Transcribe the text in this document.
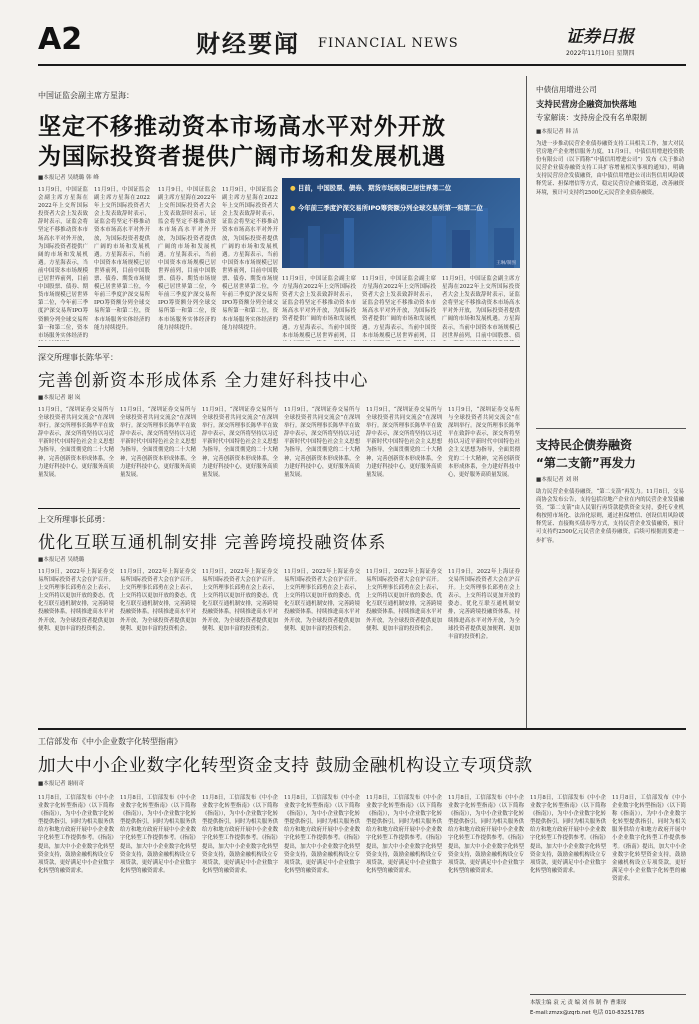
A2	财经要闻 FINANCIAL NEWS	证券日报
2022年11月10日 星期四
中国证监会副主席方星海：
坚定不移推动资本市场高水平对外开放
为国际投资者提供广阔市场和发展机遇
■本报记者 吴晓璐 韩 峰
● 目前，中国股票、债券、期货市场规模已居世界第二位
● 今年前三季度沪深交易所IPO筹资额分列全球交易所第一和第二位
王琳/制图
11月9日，中国证监会副主席方星海在2022年上交所国际投资者大会上发表致辞时表示，证监会将坚定不移推动资本市场高水平对外开放，为国际投资者提供广阔的市场和发展机遇。方星海表示，当前中国资本市场规模已居世界前列，目前中国股票、债券、期货市场规模已居世界第二位，今年前三季度沪深交易所IPO筹资额分列全球交易所第一和第二位，资本市场服务实体经济的
11月9日，中国证监会副主席方星海在2022年上交所国际投资者大会上发表致辞时表示，证监会将坚定不移推动资本市场高水平对外开放，为国际投资者提供广阔的市场和发展机遇。方星海表示，当前中国资本市场规模已居世界前列，目前中国股票、债券、期货市场规模已居世界第二位，今年前三季度沪深交易所IPO筹资额分列全球交易所第一和第二位，资本市场服务实体经济的能力持续提升。
11月9日，中国证监会副主席方星海在2022年上交所国际投资者大会上发表致辞时表示，证监会将坚定不移推动资本市场高水平对外开放，为国际投资者提供广阔的市场和发展机遇。方星海表示，当前中国资本市场规模已居世界前列，目前中国股票、债券、期货市场规模已居世界第二位，今年前三季度沪深交易所IPO筹资额分列全球交易所第一和第二位，资本市场服务实体经济的能力持续提升。
11月9日，中国证监会副主席方星海在2022年上交所国际投资者大会上发表致辞时表示，证监会将坚定不移推动资本市场高水平对外开放，为国际投资者提供广阔的市场和发展机遇。方星海表示，当前中国资本市场规模已居世界前列，目前中国股票、债券、期货市场规模已居世界第二位，今年前三季度沪深交易所IPO筹资额分列全球交易所第一和第二位，资本市场服务实体经济的能力持续提升。
11月9日，中国证监会副主席方星海在2022年上交所国际投资者大会上发表致辞时表示，证监会将坚定不移推动资本市场高水平对外开放，为国际投资者提供广阔的市场和发展机遇。方星海表示，当前中国资本市场规模已居世界前列，目
11月9日，中国证监会副主席方星海在2022年上交所国际投资者大会上发表致辞时表示，证监会将坚定不移推动资本市场高水平对外开放，为国际投资者提供广阔的市场和发展机遇。方星海表示，当前中国资本市场规模已居世界前列，目
11月9日，中国证监会副主席方星海在2022年上交所国际投资者大会上发表致辞时表示，证监会将坚定不移推动资本市场高水平对外开放，为国际投资者提供广阔的市场和发展机遇。方星海表示，当前中国资本市场规模已居世界前列，目前中国股票、债
中债信用增进公司
支持民营房企融资加快落地
专家解读：支持房企没有名单限制
■本报记者 韩 洁
为进一步推动民营企业债券融资支持工具相关工作，加大对民营房地产企业增信服务力度，11月9日，中债信用增进投资股份有限公司（以下简称“中债信用增进公司”）发布《关于推动民营企业债券融资支持工具扩容增量相关事项的通知》，明确支持民营房企发债融资，由中债信用增进公司出售信用风险缓释凭证、担保增信等方式，稳定民营房企融资渠道，改善融资环境，预计可支持约2500亿元民营企业债券融资。
深交所理事长陈华平：
完善创新资本形成体系 全力建好科技中心
■本报记者 谢 岚
11月9日，“深圳证券交易所与全球投资者共同交流会”在深圳举行。深交所理事长陈华平在致辞中表示，深交所将坚持以习近平新时代中国特色社会主义思想为指导，全面贯彻党的二十大精神，完善创新资本形成体系，全力建好科技中心，更好服务高质量发展。
11月9日，“深圳证券交易所与全球投资者共同交流会”在深圳举行。深交所理事长陈华平在致辞中表示，深交所将坚持以习近平新时代中国特色社会主义思想为指导，全面贯彻党的二十大精神，完善创新资本形成体系，全力建好科技中心，更好服务高质量发展。
11月9日，“深圳证券交易所与全球投资者共同交流会”在深圳举行。深交所理事长陈华平在致辞中表示，深交所将坚持以习近平新时代中国特色社会主义思想为指导，全面贯彻党的二十大精神，完善创新资本形成体系，全力建好科技中心，更好服务高质量发展。
11月9日，“深圳证券交易所与全球投资者共同交流会”在深圳举行。深交所理事长陈华平在致辞中表示，深交所将坚持以习近平新时代中国特色社会主义思想为指导，全面贯彻党的二十大精神，完善创新资本形成体系，全力建好科技中心，更好服务高质量发展。
11月9日，“深圳证券交易所与全球投资者共同交流会”在深圳举行。深交所理事长陈华平在致辞中表示，深交所将坚持以习近平新时代中国特色社会主义思想为指导，全面贯彻党的二十大精神，完善创新资本形成体系，全力建好科技中心，更好服务高质量发展。
11月9日，“深圳证券交易所与全球投资者共同交流会”在深圳举行。深交所理事长陈华平在致辞中表示，深交所将坚持以习近平新时代中国特色社会主义思想为指导，全面贯彻党的二十大精神，完善创新资本形成体系，全力建好科技中心，更好服务高质量发展。
上交所理事长邱勇：
优化互联互通机制安排 完善跨境投融资体系
■本报记者 吴晓璐
11月9日，2022年上海证券交易所国际投资者大会在沪召开。上交所理事长邱勇在会上表示，上交所将以更加开放的姿态，优化互联互通机制安排，完善跨境投融资体系，持续推进高水平对外开放，为全球投资者提供更加便利、更加丰富的投资机会。
11月9日，2022年上海证券交易所国际投资者大会在沪召开。上交所理事长邱勇在会上表示，上交所将以更加开放的姿态，优化互联互通机制安排，完善跨境投融资体系，持续推进高水平对外开放，为全球投资者提供更加便利、更加丰富的投资机会。
11月9日，2022年上海证券交易所国际投资者大会在沪召开。上交所理事长邱勇在会上表示，上交所将以更加开放的姿态，优化互联互通机制安排，完善跨境投融资体系，持续推进高水平对外开放，为全球投资者提供更加便利、更加丰富的投资机会。
11月9日，2022年上海证券交易所国际投资者大会在沪召开。上交所理事长邱勇在会上表示，上交所将以更加开放的姿态，优化互联互通机制安排，完善跨境投融资体系，持续推进高水平对外开放，为全球投资者提供更加便利、更加丰富的投资机会。
11月9日，2022年上海证券交易所国际投资者大会在沪召开。上交所理事长邱勇在会上表示，上交所将以更加开放的姿态，优化互联互通机制安排，完善跨境投融资体系，持续推进高水平对外开放，为全球投资者提供更加便利、更加丰富的投资机会。
11月9日，2022年上海证券交易所国际投资者大会在沪召开。上交所理事长邱勇在会上表示，上交所将以更加开放的姿态，优化互联互通机制安排，完善跨境投融资体系，持续推进高水平对外开放，为全球投资者提供更加便利、更加丰富的投资机会。
支持民企债券融资
“第二支箭”再发力
■本报记者 刘 琪
助力民营企业债券融资，“第二支箭”再发力。11月8日，交易商协会发布公告，支持包括房地产企业在内的民营企业发债融资。“第二支箭”由人民银行再贷款提供资金支持，委托专业机构按照市场化、法治化原则，通过担保增信、创设信用风险缓释凭证、直接购买债券等方式，支持民营企业发债融资，预计可支持约2500亿元民营企业债券融资，后续可根据需要进一步扩容。
工信部发布《中小企业数字化转型指南》
加大中小企业数字化转型资金支持 鼓励金融机构设立专项贷款
■本报记者 谢雨奇
11月8日，工信部发布《中小企业数字化转型指南》（以下简称《指南》），为中小企业数字化转型提供指引，同时为相关服务供给方和地方政府开展中小企业数字化转型工作提供参考。《指南》提出，加大中小企业数字化转型资金支持，鼓励金融机构设立专项贷款，更好满足中小企业数字化转型的融资需求。
11月8日，工信部发布《中小企业数字化转型指南》（以下简称《指南》），为中小企业数字化转型提供指引，同时为相关服务供给方和地方政府开展中小企业数字化转型工作提供参考。《指南》提出，加大中小企业数字化转型资金支持，鼓励金融机构设立专项贷款，更好满足中小企业数字化转型的融资需求。
11月8日，工信部发布《中小企业数字化转型指南》（以下简称《指南》），为中小企业数字化转型提供指引，同时为相关服务供给方和地方政府开展中小企业数字化转型工作提供参考。《指南》提出，加大中小企业数字化转型资金支持，鼓励金融机构设立专项贷款，更好满足中小企业数字化转型的融资需求。
11月8日，工信部发布《中小企业数字化转型指南》（以下简称《指南》），为中小企业数字化转型提供指引，同时为相关服务供给方和地方政府开展中小企业数字化转型工作提供参考。《指南》提出，加大中小企业数字化转型资金支持，鼓励金融机构设立专项贷款，更好满足中小企业数字化转型的融资需求。
11月8日，工信部发布《中小企业数字化转型指南》（以下简称《指南》），为中小企业数字化转型提供指引，同时为相关服务供给方和地方政府开展中小企业数字化转型工作提供参考。《指南》提出，加大中小企业数字化转型资金支持，鼓励金融机构设立专项贷款，更好满足中小企业数字化转型的融资需求。
11月8日，工信部发布《中小企业数字化转型指南》（以下简称《指南》），为中小企业数字化转型提供指引，同时为相关服务供给方和地方政府开展中小企业数字化转型工作提供参考。《指南》提出，加大中小企业数字化转型资金支持，鼓励金融机构设立专项贷款，更好满足中小企业数字化转型的融资需求。
11月8日，工信部发布《中小企业数字化转型指南》（以下简称《指南》），为中小企业数字化转型提供指引，同时为相关服务供给方和地方政府开展中小企业数字化转型工作提供参考。《指南》提出，加大中小企业数字化转型资金支持，鼓励金融机构设立专项贷款，更好满足中小企业数字化转型的融资需求。
11月8日，工信部发布《中小企业数字化转型指南》（以下简称《指南》），为中小企业数字化转型提供指引，同时为相关服务供给方和地方政府开展中小企业数字化转型工作提供参考。《指南》提出，加大中小企业数字化转型资金支持，鼓励金融机构设立专项贷款，更好满足中小企业数字化转型的融资需求。
本版主编 袁 元 责 编 刘 伟 制 作 曹秉琛
E-mail:zmzx@zqrb.net 电话 010-83251785
